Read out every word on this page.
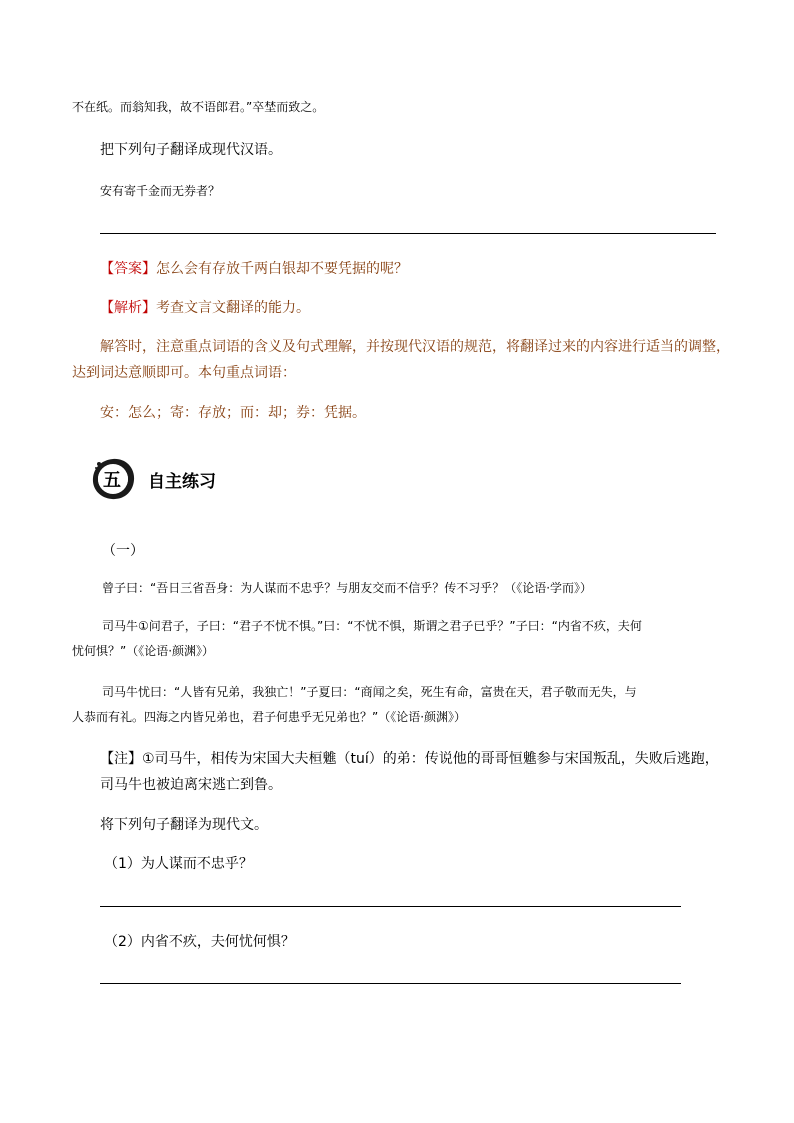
不在纸。而翁知我，故不语郎君。”卒埜而致之。
把下列句子翻译成现代汉语。
安有寄千金而无券者？
【答案】怎么会有存放千两白银却不要凭据的呢？
【解析】考查文言文翻译的能力。
解答时，注意重点词语的含义及句式理解，并按现代汉语的规范，将翻译过来的内容进行适当的调整，
达到词达意顺即可。本句重点词语：
安：怎么；寄：存放；而：却；券：凭据。
五 自主练习
（一）
曾子曰：“吾日三省吾身：为人谋而不忠乎？与朋友交而不信乎？传不习乎？（《论语·学而》）
司马牛①问君子，子曰：“君子不忧不惧。”曰：“不忧不惧，斯谓之君子已乎？”子曰：“内省不疚，夫何
忧何惧？”（《论语·颜渊》）
司马牛忧曰：“人皆有兄弟，我独亡！”子夏曰：“商闻之矣，死生有命，富贵在天，君子敬而无失，与
人恭而有礼。四海之内皆兄弟也，君子何患乎无兄弟也？”（《论语·颜渊》）
【注】①司马牛，相传为宋国大夫桓魋（tuí）的弟：传说他的哥哥恒魋参与宋国叛乱，失败后逃跑，
司马牛也被迫离宋逃亡到鲁。
将下列句子翻译为现代文。
（1）为人谋而不忠乎？
（2）内省不疚，夫何忧何惧？
